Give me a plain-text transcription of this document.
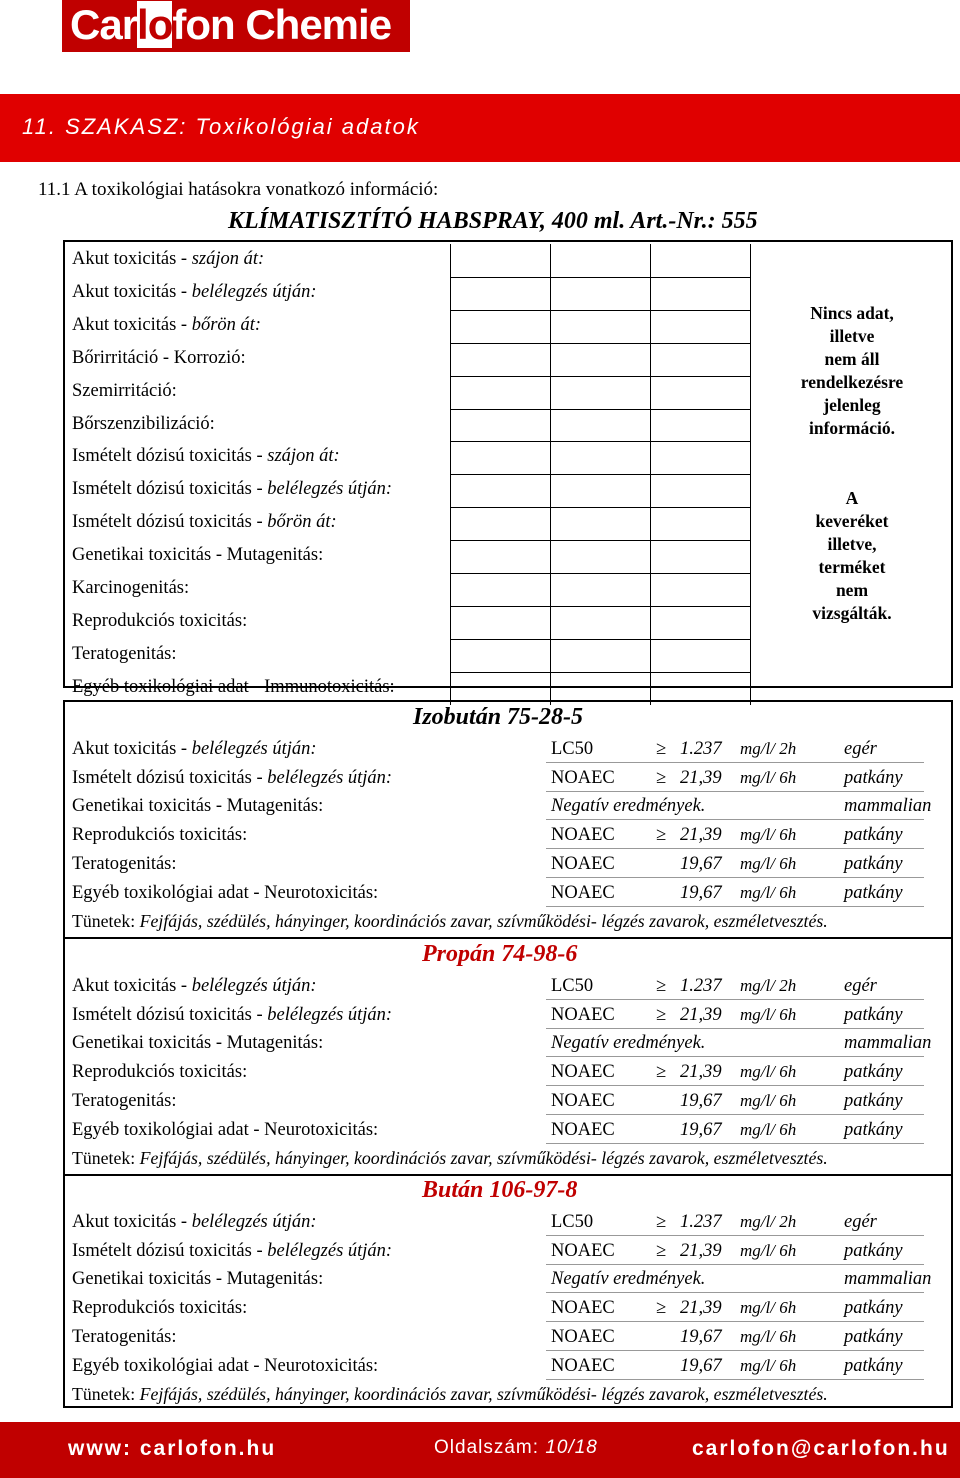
Carlofon Chemie
11. SZAKASZ: Toxikológiai adatok
11.1 A toxikológiai hatásokra vonatkozó információ:
KLÍMATISZTÍTÓ HABSPRAY, 400 ml. Art.-Nr.: 555
Akut toxicitás - szájon át:
Akut toxicitás - belélegzés útján:
Akut toxicitás - bőrön át:
Bőrirritáció - Korrozió:
Szemirritáció:
Bőrszenzibilizáció:
Ismételt dózisú toxicitás - szájon át:
Ismételt dózisú toxicitás - belélegzés útján:
Ismételt dózisú toxicitás - bőrön át:
Genetikai toxicitás - Mutagenitás:
Karcinogenitás:
Reprodukciós toxicitás:
Teratogenitás:
Egyéb toxikológiai adat - Immunotoxicitás:
Nincs adat,
illetve
nem áll
rendelkezésre
jelenleg
információ.
A
keveréket
illetve,
terméket
nem
vizsgálták.
Izobután 75-28-5
Akut toxicitás - belélegzés útján:	LC50	≥ 1.237 mg/l/ 2h	egér
Ismételt dózisú toxicitás - belélegzés útján:	NOAEC ≥ 21,39 mg/l/ 6h	patkány
Genetikai toxicitás - Mutagenitás:	Negatív eredmények.	mammalian
Reprodukciós toxicitás:	NOAEC ≥ 21,39 mg/l/ 6h	patkány
Teratogenitás:	NOAEC	19,67 mg/l/ 6h	patkány
Egyéb toxikológiai adat - Neurotoxicitás:	NOAEC	19,67 mg/l/ 6h	patkány
Tünetek: Fejfájás, szédülés, hányinger, koordinációs zavar, szívműködési- légzés zavarok, eszméletvesztés.
Propán 74-98-6
Akut toxicitás - belélegzés útján:	LC50	≥ 1.237 mg/l/ 2h	egér
Ismételt dózisú toxicitás - belélegzés útján:	NOAEC ≥ 21,39 mg/l/ 6h	patkány
Genetikai toxicitás - Mutagenitás:	Negatív eredmények.	mammalian
Reprodukciós toxicitás:	NOAEC ≥ 21,39 mg/l/ 6h	patkány
Teratogenitás:	NOAEC	19,67 mg/l/ 6h	patkány
Egyéb toxikológiai adat - Neurotoxicitás:	NOAEC	19,67 mg/l/ 6h	patkány
Tünetek: Fejfájás, szédülés, hányinger, koordinációs zavar, szívműködési- légzés zavarok, eszméletvesztés.
Bután 106-97-8
Akut toxicitás - belélegzés útján:	LC50	≥ 1.237 mg/l/ 2h	egér
Ismételt dózisú toxicitás - belélegzés útján:	NOAEC ≥ 21,39 mg/l/ 6h	patkány
Genetikai toxicitás - Mutagenitás:	Negatív eredmények.	mammalian
Reprodukciós toxicitás:	NOAEC ≥ 21,39 mg/l/ 6h	patkány
Teratogenitás:	NOAEC	19,67 mg/l/ 6h	patkány
Egyéb toxikológiai adat - Neurotoxicitás:	NOAEC	19,67 mg/l/ 6h	patkány
Tünetek: Fejfájás, szédülés, hányinger, koordinációs zavar, szívműködési- légzés zavarok, eszméletvesztés.
www: carlofon.hu	Oldalszám: 10/18	carlofon@carlofon.hu
